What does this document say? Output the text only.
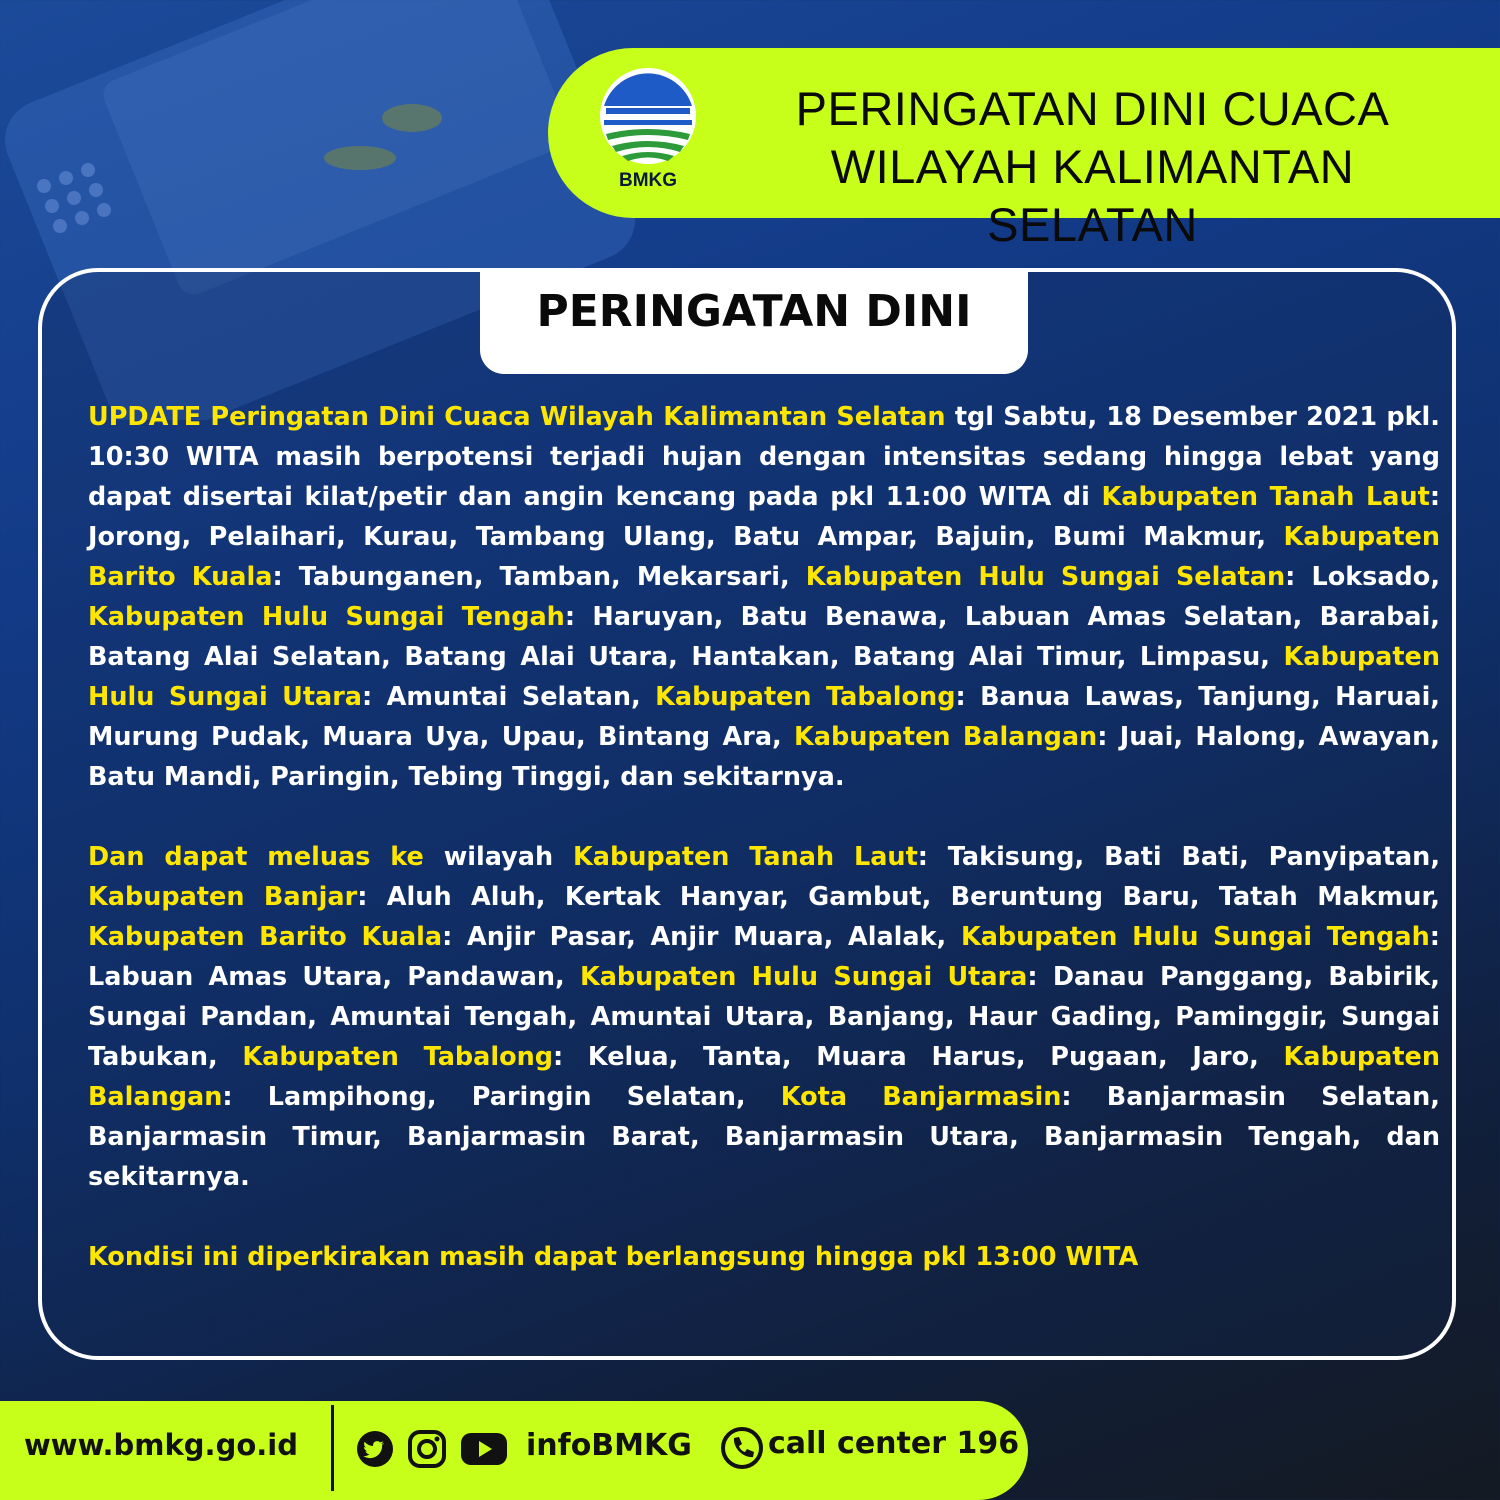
BMKG
PERINGATAN DINI CUACA
WILAYAH KALIMANTAN SELATAN
PERINGATAN DINI

UPDATE Peringatan Dini Cuaca Wilayah Kalimantan Selatan tgl Sabtu, 18 Desember 2021 pkl. 10:30 WITA masih berpotensi terjadi hujan dengan intensitas sedang hingga lebat yang dapat disertai kilat/petir dan angin kencang pada pkl 11:00 WITA di Kabupaten Tanah Laut: Jorong, Pelaihari, Kurau, Tambang Ulang, Batu Ampar, Bajuin, Bumi Makmur, Kabupaten Barito Kuala: Tabunganen, Tamban, Mekarsari, Kabupaten Hulu Sungai Selatan: Loksado, Kabupaten Hulu Sungai Tengah: Haruyan, Batu Benawa, Labuan Amas Selatan, Barabai, Batang Alai Selatan, Batang Alai Utara, Hantakan, Batang Alai Timur, Limpasu, Kabupaten Hulu Sungai Utara: Amuntai Selatan, Kabupaten Tabalong: Banua Lawas, Tanjung, Haruai, Murung Pudak, Muara Uya, Upau, Bintang Ara, Kabupaten Balangan: Juai, Halong, Awayan, Batu Mandi, Paringin, Tebing Tinggi, dan sekitarnya.

Dan dapat meluas ke wilayah Kabupaten Tanah Laut: Takisung, Bati Bati, Panyipatan, Kabupaten Banjar: Aluh Aluh, Kertak Hanyar, Gambut, Beruntung Baru, Tatah Makmur, Kabupaten Barito Kuala: Anjir Pasar, Anjir Muara, Alalak, Kabupaten Hulu Sungai Tengah: Labuan Amas Utara, Pandawan, Kabupaten Hulu Sungai Utara: Danau Panggang, Babirik, Sungai Pandan, Amuntai Tengah, Amuntai Utara, Banjang, Haur Gading, Paminggir, Sungai Tabukan, Kabupaten Tabalong: Kelua, Tanta, Muara Harus, Pugaan, Jaro, Kabupaten Balangan: Lampihong, Paringin Selatan, Kota Banjarmasin: Banjarmasin Selatan, Banjarmasin Timur, Banjarmasin Barat, Banjarmasin Utara, Banjarmasin Tengah, dan sekitarnya.

Kondisi ini diperkirakan masih dapat berlangsung hingga pkl 13:00 WITA

www.bmkg.go.id	infoBMKG	call center 196
